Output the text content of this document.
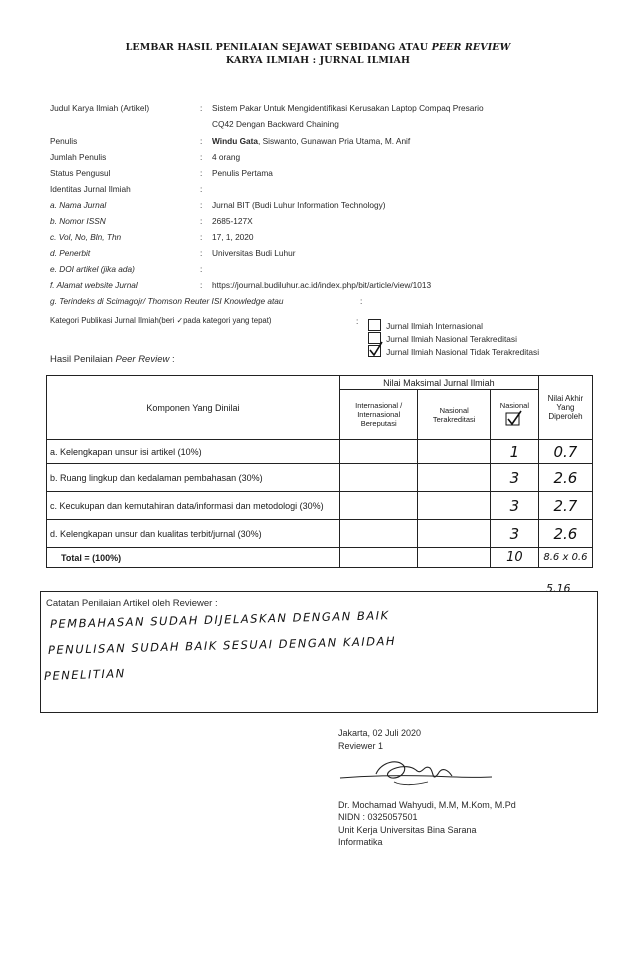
LEMBAR HASIL PENILAIAN SEJAWAT SEBIDANG ATAU PEER REVIEW
KARYA ILMIAH : JURNAL ILMIAH
Judul Karya Ilmiah (Artikel)	: Sistem Pakar Untuk Mengidentifikasi Kerusakan Laptop Compaq Presario
CQ42 Dengan Backward Chaining
Penulis	: Windu Gata, Siswanto, Gunawan Pria Utama, M. Anif
Jumlah Penulis	: 4 orang
Status Pengusul	: Penulis Pertama
Identitas Jurnal Ilmiah	:
a. Nama Jurnal	: Jurnal BIT (Budi Luhur Information Technology)
b. Nomor ISSN	: 2685-127X
c. Vol, No, Bln, Thn	: 17, 1, 2020
d. Penerbit	: Universitas Budi Luhur
e. DOI artikel (jika ada)	:
f. Alamat website Jurnal	: https://journal.budiluhur.ac.id/index.php/bit/article/view/1013
g. Terindeks di Scimagojr/ Thomson Reuter ISI Knowledge atau	:
Kategori Publikasi Jurnal Ilmiah(beri ✓pada kategori yang tepat)	:	Jurnal Ilmiah Internasional
Jurnal Ilmiah Nasional Terakreditasi
Jurnal Ilmiah Nasional Tidak Terakreditasi
Hasil Penilaian Peer Review :
Komponen Yang Dinilai	Nilai Maksimal Jurnal Ilmiah			Nilai Akhir Yang Diperoleh
	Internasional / Internasional Bereputasi	Nasional Terakreditasi	Nasional	

a. Kelengkapan unsur isi artikel (10%)			1	0.7
b. Ruang lingkup dan kedalaman pembahasan (30%)			3	2.6
c. Kecukupan dan kemutahiran data/informasi dan metodologi (30%)			3	2.7
d. Kelengkapan unsur dan kualitas terbit/jurnal (30%)			3	2.6
Total = (100%)			10	8.6 x 0.6
5.16
Catatan Penilaian Artikel oleh Reviewer :
PEMBAHASAN SUDAH DIJELASKAN DENGAN BAIK
PENULISAN SUDAH BAIK SESUAI DENGAN KAIDAH
PENELITIAN
Jakarta, 02 Juli 2020
Reviewer 1
Dr. Mochamad Wahyudi, M.M, M.Kom, M.Pd
NIDN : 0325057501
Unit Kerja Universitas Bina Sarana
Informatika
